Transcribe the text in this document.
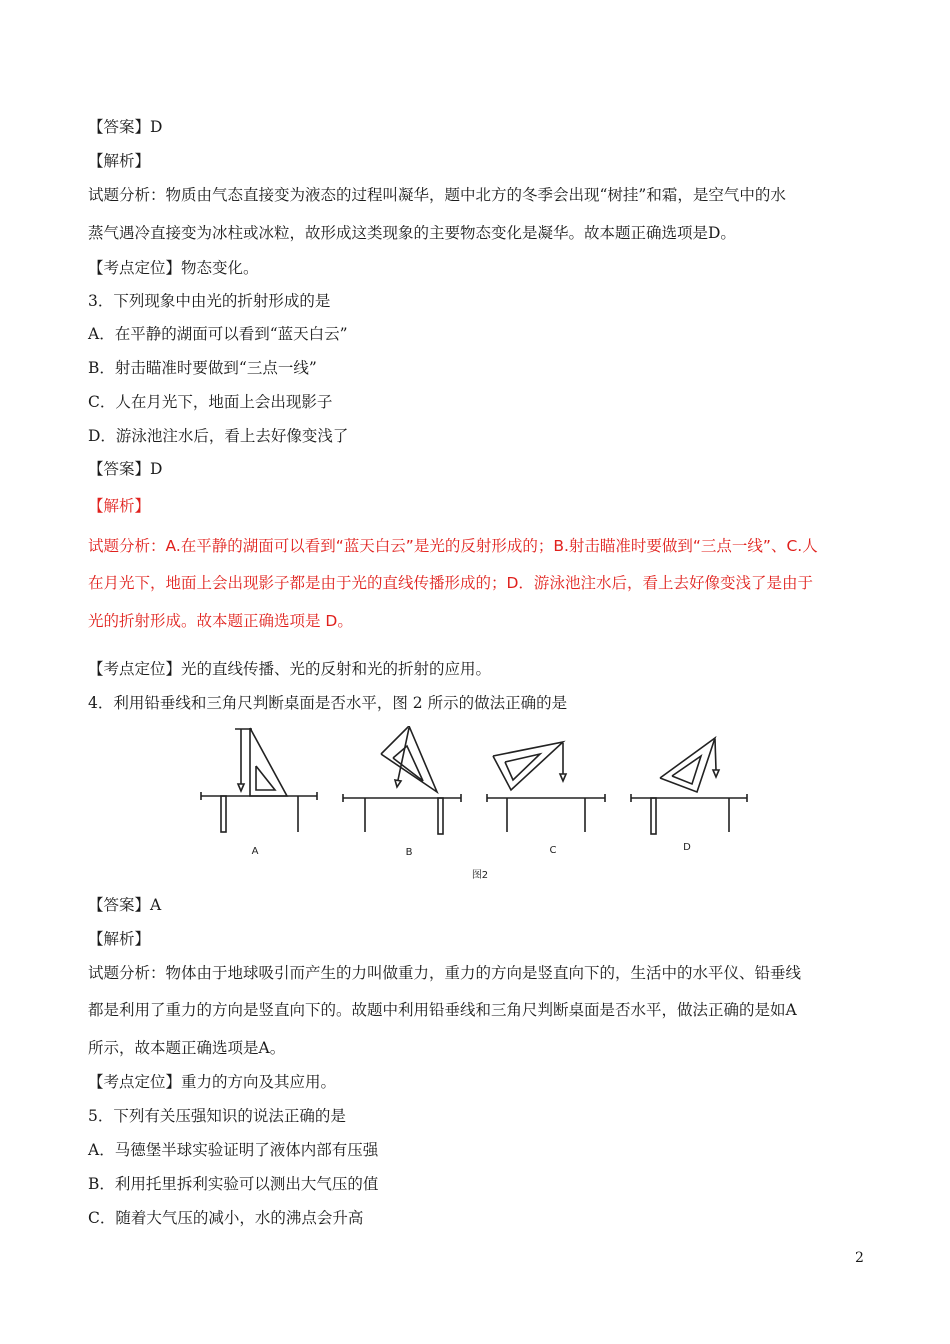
【答案】D
【解析】
试题分析：物质由气态直接变为液态的过程叫凝华，题中北方的冬季会出现“树挂”和霜，是空气中的水
蒸气遇冷直接变为冰柱或冰粒，故形成这类现象的主要物态变化是凝华。故本题正确选项是D。
【考点定位】物态变化。
3．下列现象中由光的折射形成的是
A．在平静的湖面可以看到“蓝天白云”
B．射击瞄准时要做到“三点一线”
C．人在月光下，地面上会出现影子
D．游泳池注水后，看上去好像变浅了
【答案】D
【解析】
试题分析：A.在平静的湖面可以看到“蓝天白云”是光的反射形成的；B.射击瞄准时要做到“三点一线”、C.人
在月光下，地面上会出现影子都是由于光的直线传播形成的；D．游泳池注水后，看上去好像变浅了是由于
光的折射形成。故本题正确选项是 D。
【考点定位】光的直线传播、光的反射和光的折射的应用。
4．利用铅垂线和三角尺判断桌面是否水平，图 2 所示的做法正确的是
A	B	C	D
图2
【答案】A
【解析】
试题分析：物体由于地球吸引而产生的力叫做重力，重力的方向是竖直向下的，生活中的水平仪、铅垂线
都是利用了重力的方向是竖直向下的。故题中利用铅垂线和三角尺判断桌面是否水平，做法正确的是如A
所示，故本题正确选项是A。
【考点定位】重力的方向及其应用。
5．下列有关压强知识的说法正确的是
A．马德堡半球实验证明了液体内部有压强
B．利用托里拆利实验可以测出大气压的值
C．随着大气压的减小，水的沸点会升高
2
